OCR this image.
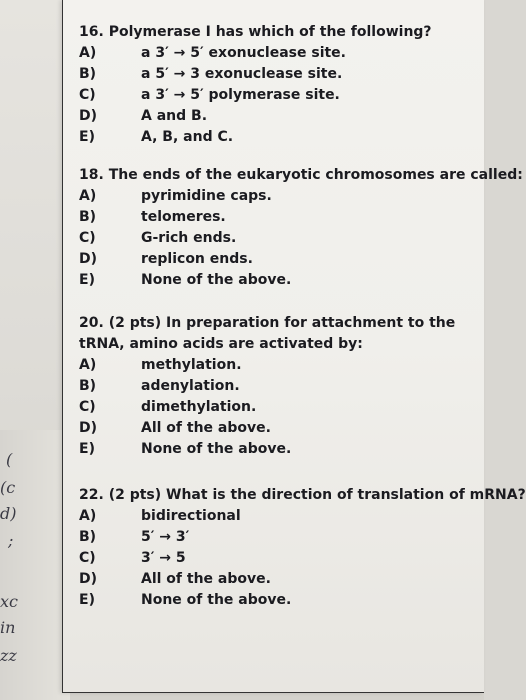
(
(c
d)
;
xc
in
zz

16. Polymerase I has which of the following?

A)	a 3′ → 5′ exonuclease site.
B)	a 5′ → 3 exonuclease site.
C)	a 3′ → 5′ polymerase site.
D)	A and B.
E)	A, B, and C.

18. The ends of the eukaryotic chromosomes are called:

A)	pyrimidine caps.
B)	telomeres.
C)	G-rich ends.
D)	replicon ends.
E)	None of the above.

20. (2 pts) In preparation for attachment to the tRNA, amino acids are activated by:

A)	methylation.
B)	adenylation.
C)	dimethylation.
D)	All of the above.
E)	None of the above.

22. (2 pts) What is the direction of translation of mRNA?

A)	bidirectional
B)	5′ → 3′
C)	3′ → 5
D)	All of the above.
E)	None of the above.
